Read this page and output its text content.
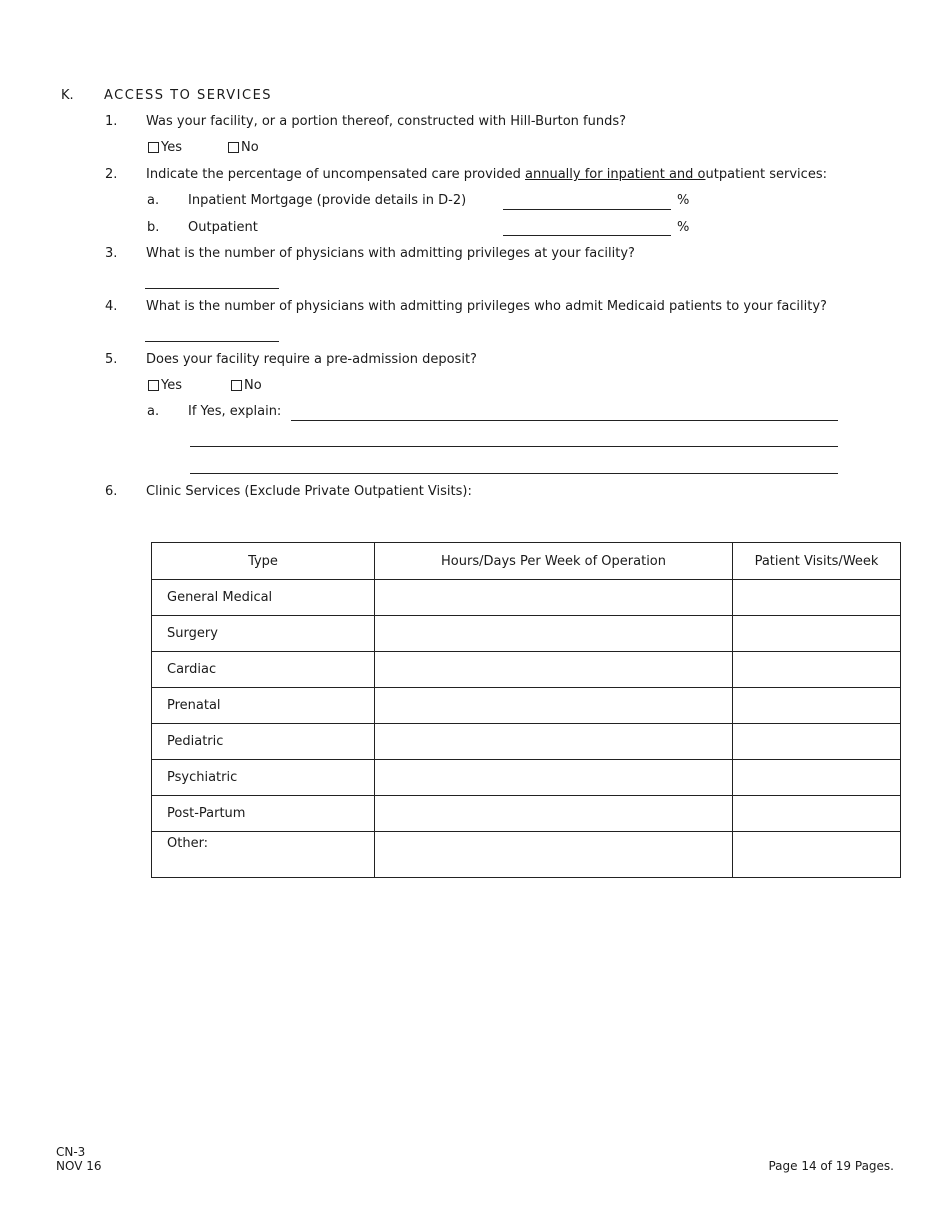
K. ACCESS TO SERVICES
1. Was your facility, or a portion thereof, constructed with Hill-Burton funds?
Yes	No
2. Indicate the percentage of uncompensated care provided annually for inpatient and outpatient services:
a. Inpatient Mortgage (provide details in D-2)	%
b. Outpatient	%
3. What is the number of physicians with admitting privileges at your facility?
4. What is the number of physicians with admitting privileges who admit Medicaid patients to your facility?
5. Does your facility require a pre-admission deposit?
Yes	No
a. If Yes, explain:
6. Clinic Services (Exclude Private Outpatient Visits):
Type	Hours/Days Per Week of Operation	Patient Visits/Week
General Medical		
Surgery		
Cardiac		
Prenatal		
Pediatric		
Psychiatric		
Post-Partum		
Other:		
CN-3
NOV 16	Page 14 of 19 Pages.
